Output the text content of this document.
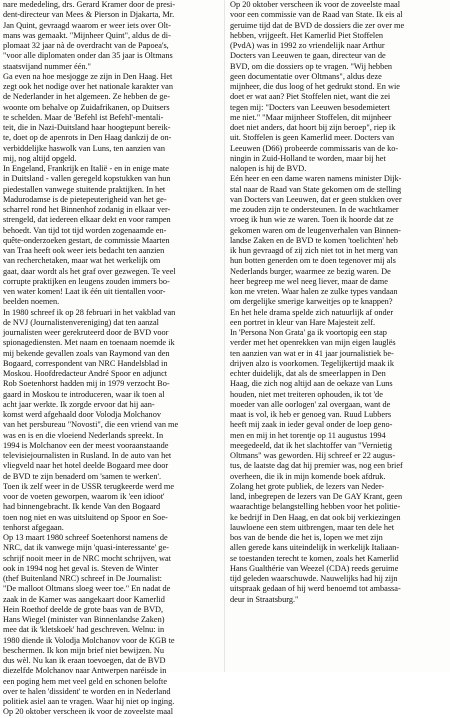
nare mededeling, drs. Gerard Kramer door de presi-
dent-directeur van Mees & Pierson in Djakarta, Mr.
Jan Quint, gevraagd waarom er weer iets over Olt-
mans was gemaakt. "Mijnheer Quint", aldus de di-
plomaat 32 jaar nà de overdracht van de Papoea's,
"voor alle diplomaten onder dan 35 jaar is Oltmans
staatsvijand nummer één."
Ga even na hoe mesjogge ze zijn in Den Haag. Het
zegt ook het nodige over het nationale karakter van
de Nederlander in het algemeen. Ze hebben de ge-
woonte om behalve op Zuidafrikanen, op Duitsers
te schelden. Maar de 'Befehl ist Befehl'-mentali-
teit, die in Nazi-Duitsland haar hoogtepunt bereik-
te, doet op de apenrots in Den Haag dankzij de on-
verbiddelijke haswolk van Luns, ten aanzien van
mij, nog altijd opgeld.
In Engeland, Frankrijk en Italië - en in enige mate
in Duitsland - vallen geregeld kopstukken van hun
piedestallen vanwege stuitende praktijken. In het
Madurodamse is de pietepeuterigheid van het ge-
scharrel rond het Binnenhof zodanig in elkaar ver-
strengeld, dat iedereen elkaar dekt en voor rampen
behoedt. Van tijd tot tijd worden zogenaamde en-
quête-onderzoeken gestart, de commissie Maarten
van Traa heeft ook weer iets bedacht ten aanzien
van recherchetaken, maar wat het werkelijk om
gaat, daar wordt als het graf over gezwegen. Te veel
corrupte praktijken en leugens zouden immers bo-
ven water komen! Laat ik één uit tientallen voor-
beelden noemen.
In 1980 schreef ik op 28 februari in het vakblad van
de NVJ (Journalistenvereniging) dat ten aanzal
journalisten weer gerekruteerd door de BVD voor
spionagediensten. Met naam en toenaam noemde ik
mij bekende gevallen zoals van Raymond van den
Bogaard, correspondent van NRC Handelsblad in
Moskou. Hoofdredacteur André Spoor en adjunct
Rob Soetenhorst hadden mij in 1979 verzocht Bo-
gaard in Moskou te introduceren, waar ik toen al
acht jaar werkte. Ik zorgde ervoor dat hij aan-
komst werd afgehaald door Volodja Molchanov
van het persbureau "Novosti", die een vriend van me
was en is en die vloeiend Nederlands spreekt. In
1994 is Molchanov een der meest vooraanstaande
televisiejournalisten in Rusland. In de auto van het
vliegveld naar het hotel deelde Bogaard mee door
de BVD te zijn benaderd om 'samen te werken'.
Toen ik zelf weer in de USSR terugkeerde werd me
voor de voeten geworpen, waarom ik 'een idioot'
had binnengebracht. Ik kende Van den Bogaard
toen nog niet en was uitsluitend op Spoor en Soe-
tenhorst afgegaan.
Op 13 maart 1980 schreef Soetenhorst namens de
NRC, dat ik vanwege mijn 'quasi-interessante' ge-
schrijf nooit meer in de NRC mocht schrijven, wat
ook in 1994 nog het geval is. Steven de Winter
(thef Buitenland NRC) schreef in De Journalist:
"De malloot Oltmans sloeg weer toe." En nadat de
zaak in de Kamer was aangekaart door Kamerlid
Hein Roethof deelde de grote baas van de BVD,
Hans Wiegel (minister van Binnenlandse Zaken)
mee dat ik 'kletskoek' had geschreven. Welnu: in
1980 diende ik Volodja Molchanov voor de KGB te
beschermen. Ik kon mijn brief niet bewijzen. Nu
dus wèl. Nu kan ik eraan toevoegen, dat de BVD
diezelfde Molchanov naar Antwerpen naréisde in
een poging hem met veel geld en schonen belofte
over te halen 'dissident' te worden en in Nederland
politiek asiel aan te vragen. Waar hij niet op inging.
Op 20 oktober verscheen ik voor de zoveelste maal
Op 20 oktober verscheen ik voor de zoveelste maal
voor een commissie van de Raad van State. Ik eis al
geruime tijd dat de BVD de dossiers die zer over me
hebben, vrijgeeft. Het Kamerlid Piet Stoffelen
(PvdA) was in 1992 zo vriendelijk naar Arthur
Docters van Leeuwen te gaan, directeur van de
BVD, om die dossiers op te vragen. "Wij hebben
geen documentatie over Oltmans", aldus deze
mijnheer, die dus loog of het gedrukt stond. En wie
doet er wat aan? Piet Stoffelen niet, want die zei
tegen mij: "Docters van Leeuwen besodemietert
me niet." "Maar mijnheer Stoffelen, dit mijnheer
doet niet anders, dat hoort bij zijn beroep", riep ik
uit. Stoffelen is geen Kamerlid meer. Docters van
Leeuwen (D66) probeerde commissaris van de ko-
ningin in Zuid-Holland te worden, maar bij het
nalopen is hij de BVD.
Eén heer en een dame waren namens minister Dijk-
stal naar de Raad van State gekomen om de stelling
van Docters van Leeuwen, dat er geen stukken over
me zouden zijn te ondersteunen. In de wachtkamer
vroeg ik hun wie ze waren. Toen ik hoorde dat ze
gekomen waren om de leugenverhalen van Binnen-
landse Zaken en de BVD te komen 'toelichten' heb
ik hun gevraagd of zij zich niet tot in het merg van
hun botten generden om te doen tegenover mij als
Nederlands burger, waarmee ze bezig waren. De
heer begreep me wel neeg liever, maar de dame
kon me vreten. Waar halen ze zulke types vandaan
om dergelijke smerige karweitjes op te knappen?
En het hele drama spelde zich natuurlijk af onder
een portret in kleur van Hare Majesteit zelf.
In 'Persona Non Grata' ga ik voortopig een stap
verder met het openrekken van mijn eigen lauglës
ten aanzien van wat er in 41 jaar journalistiek be-
drijven alzo is voorkomen. Tegelijkertijd maak ik
echter duidelijk, dat als de smeerlappen in Den
Haag, die zich nog altijd aan de oekaze van Luns
houden, niet met treiteren ophouden, ik tot 'de
moeder van alle oorlogen' zal overgaan, want de
maat is vol, ik heb er genoeg van. Ruud Lubbers
heeft mij zaak in ieder geval onder de loep geno-
men en mij in het torentje op 11 augustus 1994
meegedeeld, dat ik het slachtoffer van "Vernietig
Oltmans" was geworden. Hij schreef er 22 augus-
tus, de laatste dag dat hij premier was, nog een brief
overheen, die ik in mijn komende boek afdruk.
Zolang het grote publiek, de lezers van Neder-
land, inbegrepen de lezers van De GAY Krant, geen
waarachtige belangstelling hebben voor het politie-
ke bedrijf in Den Haag, en dat ook bij verkiezingen
lauwloene een stem uitbrengen, maar ten dele het
bos van de bende die het is, lopen we met zijn
allen gerede kans uiteindelijk in werkelijk Italiaan-
se toestanden terecht te komen, zoals het Kamerlid
Hans Gualthérie van Weezel (CDA) reeds geruime
tijd geleden waarschuwde. Nauwelijks had hij zijn
uitspraak gedaan of hij werd benoemd tot ambassa-
deur in Straatsburg."
